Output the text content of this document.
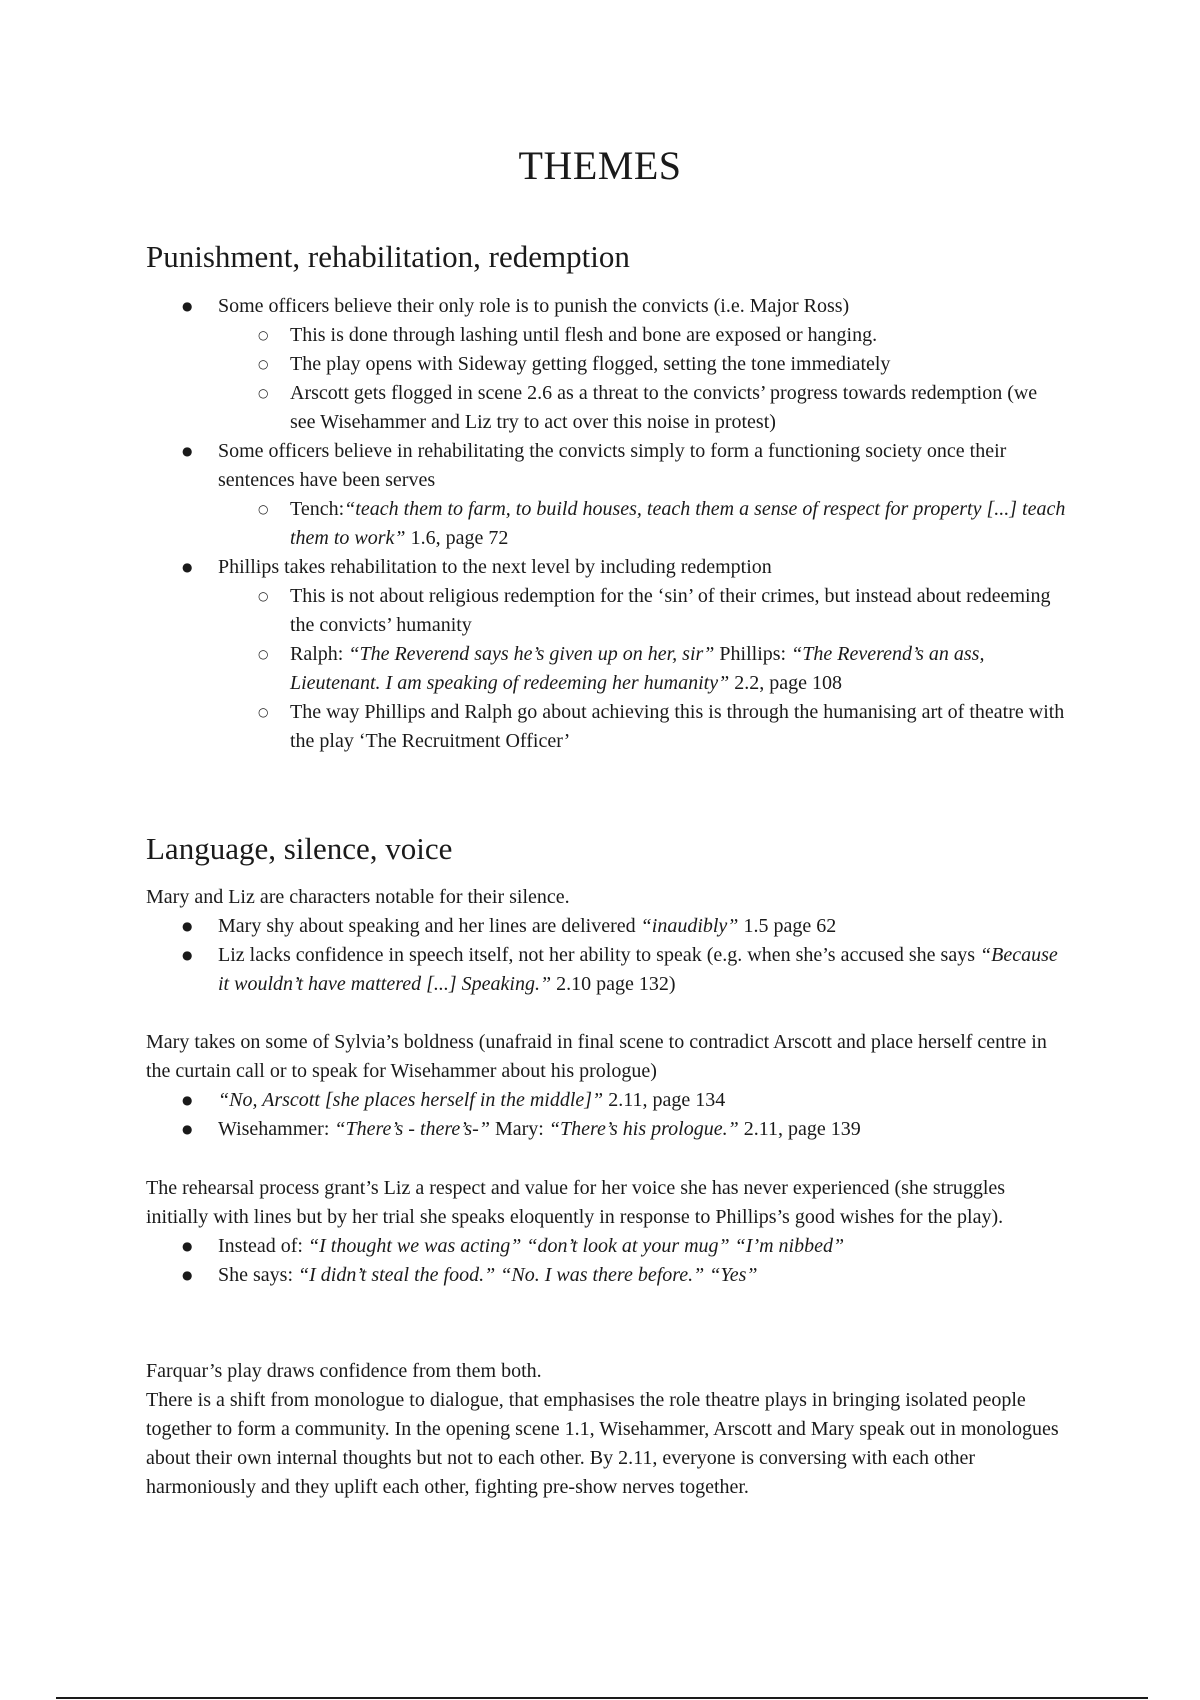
THEMES
Punishment, rehabilitation, redemption
● Some officers believe their only role is to punish the convicts (i.e. Major Ross)
○ This is done through lashing until flesh and bone are exposed or hanging.
○ The play opens with Sideway getting flogged, setting the tone immediately
○ Arscott gets flogged in scene 2.6 as a threat to the convicts’ progress towards redemption (we see Wisehammer and Liz try to act over this noise in protest)
● Some officers believe in rehabilitating the convicts simply to form a functioning society once their sentences have been serves
○ Tench:“teach them to farm, to build houses, teach them a sense of respect for property [...] teach them to work” 1.6, page 72
● Phillips takes rehabilitation to the next level by including redemption
○ This is not about religious redemption for the ‘sin’ of their crimes, but instead about redeeming the convicts’ humanity
○ Ralph: “The Reverend says he’s given up on her, sir” Phillips: “The Reverend’s an ass, Lieutenant. I am speaking of redeeming her humanity” 2.2, page 108
○ The way Phillips and Ralph go about achieving this is through the humanising art of theatre with the play ‘The Recruitment Officer’
Language, silence, voice

Mary and Liz are characters notable for their silence.

● Mary shy about speaking and her lines are delivered “inaudibly” 1.5 page 62
● Liz lacks confidence in speech itself, not her ability to speak (e.g. when she’s accused she says “Because it wouldn’t have mattered [...] Speaking.” 2.10 page 132)

Mary takes on some of Sylvia’s boldness (unafraid in final scene to contradict Arscott and place herself centre in the curtain call or to speak for Wisehammer about his prologue)

● “No, Arscott [she places herself in the middle]” 2.11, page 134
● Wisehammer: “There’s - there’s-” Mary: “There’s his prologue.” 2.11, page 139

The rehearsal process grant’s Liz a respect and value for her voice she has never experienced (she struggles initially with lines but by her trial she speaks eloquently in response to Phillips’s good wishes for the play).

● Instead of: “I thought we was acting” “don’t look at your mug” “I’m nibbed”
● She says: “I didn’t steal the food.” “No. I was there before.” “Yes”

Farquar’s play draws confidence from them both.

There is a shift from monologue to dialogue, that emphasises the role theatre plays in bringing isolated people together to form a community. In the opening scene 1.1, Wisehammer, Arscott and Mary speak out in monologues about their own internal thoughts but not to each other. By 2.11, everyone is conversing with each other harmoniously and they uplift each other, fighting pre-show nerves together.
